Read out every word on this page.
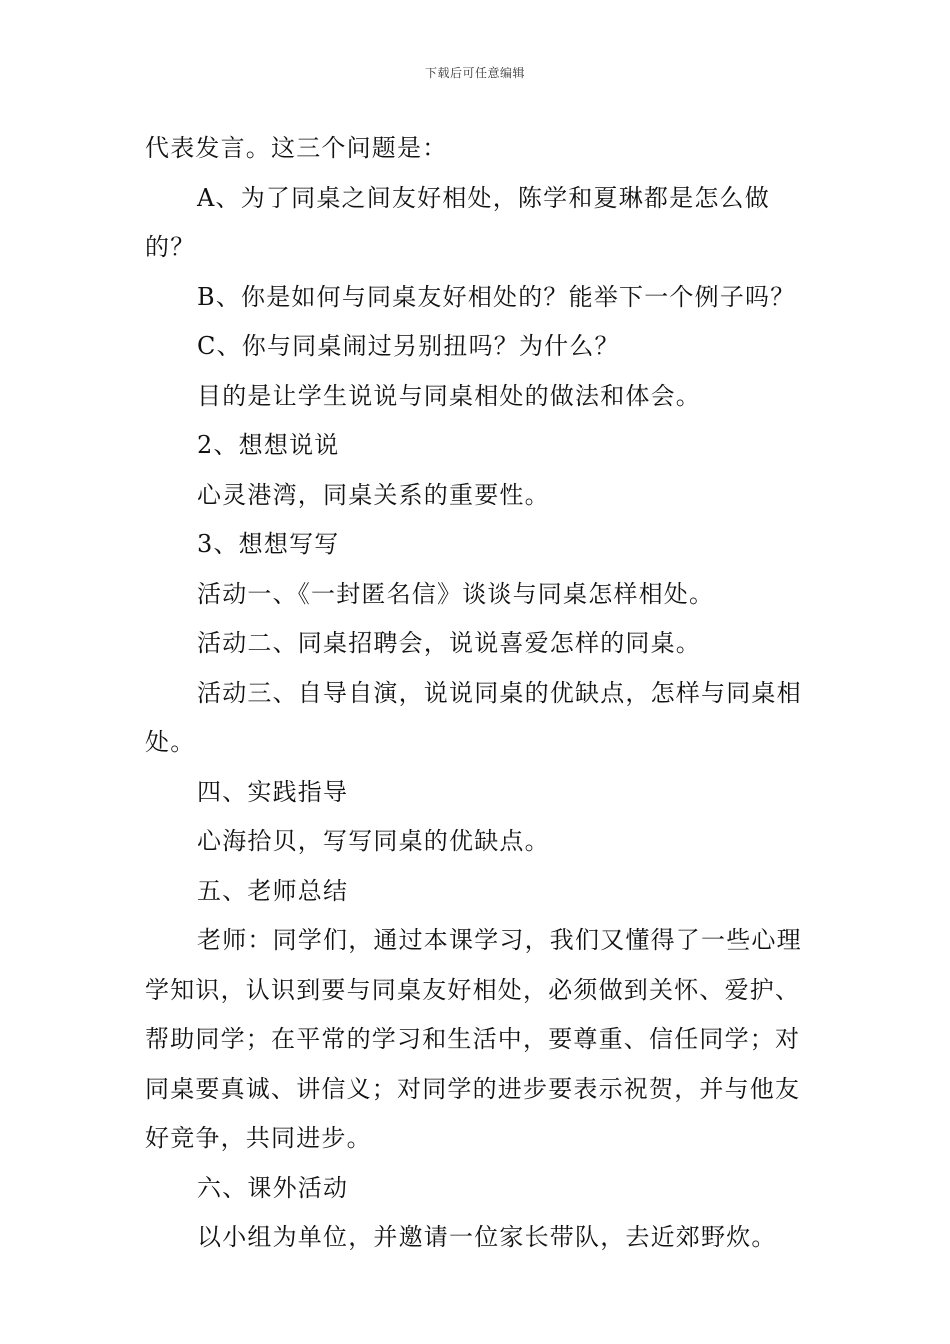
下载后可任意编辑

代表发言。这三个问题是：

A、为了同桌之间友好相处，陈学和夏琳都是怎么做的？

B、你是如何与同桌友好相处的？能举下一个例子吗？

C、你与同桌闹过另别扭吗？为什么？

目的是让学生说说与同桌相处的做法和体会。

2、想想说说

心灵港湾，同桌关系的重要性。

3、想想写写

活动一、《一封匿名信》谈谈与同桌怎样相处。

活动二、同桌招聘会，说说喜爱怎样的同桌。

活动三、自导自演，说说同桌的优缺点，怎样与同桌相处。

四、实践指导

心海拾贝，写写同桌的优缺点。

五、老师总结

老师：同学们，通过本课学习，我们又懂得了一些心理学知识，认识到要与同桌友好相处，必须做到关怀、爱护、帮助同学；在平常的学习和生活中，要尊重、信任同学；对同桌要真诚、讲信义；对同学的进步要表示祝贺，并与他友好竞争，共同进步。

六、课外活动

以小组为单位，并邀请一位家长带队，去近郊野炊。
